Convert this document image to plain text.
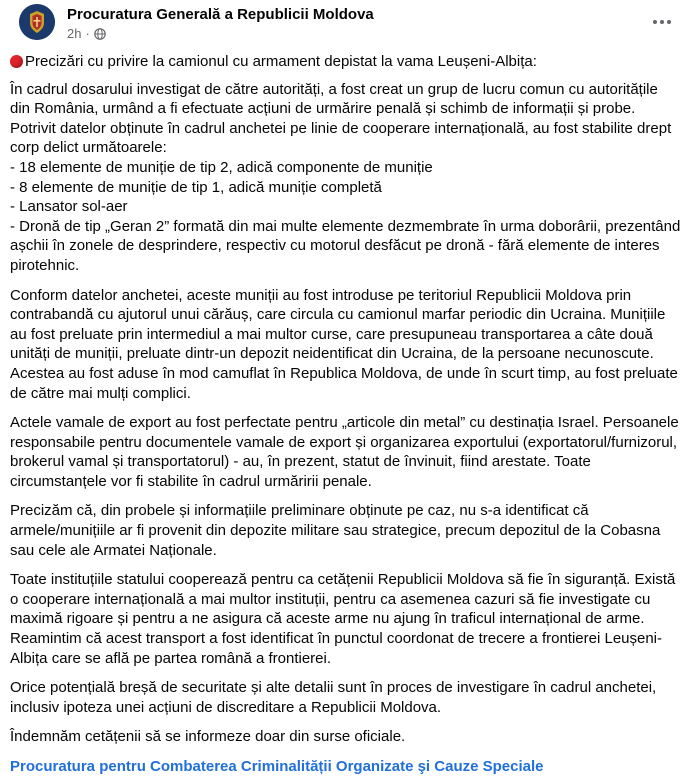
Procuratura Generală a Republicii Moldova
2h ·
Precizări cu privire la camionul cu armament depistat la vama Leușeni-Albița:

În cadrul dosarului investigat de către autorități, a fost creat un grup de lucru comun cu autoritățile din România, urmând a fi efectuate acțiuni de urmărire penală și schimb de informații și probe. Potrivit datelor obținute în cadrul anchetei pe linie de cooperare internațională, au fost stabilite drept corp delict următoarele:

- 18 elemente de muniție de tip 2, adică componente de muniție
- 8 elemente de muniție de tip 1, adică muniție completă
- Lansator sol-aer
- Dronă de tip „Geran 2” formată din mai multe elemente dezmembrate în urma doborârii, prezentând așchii în zonele de desprindere, respectiv cu motorul desfăcut pe dronă - fără elemente de interes pirotehnic.

Conform datelor anchetei, aceste muniții au fost introduse pe teritoriul Republicii Moldova prin contrabandă cu ajutorul unui cărăuș, care circula cu camionul marfar periodic din Ucraina. Munițiile au fost preluate prin intermediul a mai multor curse, care presupuneau transportarea a câte două unități de muniții, preluate dintr-un depozit neidentificat din Ucraina, de la persoane necunoscute. Acestea au fost aduse în mod camuflat în Republica Moldova, de unde în scurt timp, au fost preluate de către mai mulți complici.

Actele vamale de export au fost perfectate pentru „articole din metal” cu destinația Israel. Persoanele responsabile pentru documentele vamale de export și organizarea exportului (exportatorul/furnizorul, brokerul vamal și transportatorul) - au, în prezent, statut de învinuit, fiind arestate. Toate circumstanțele vor fi stabilite în cadrul urmăririi penale.

Precizăm că, din probele și informațiile preliminare obținute pe caz, nu s-a identificat că armele/munițiile ar fi provenit din depozite militare sau strategice, precum depozitul de la Cobasna sau cele ale Armatei Naționale.

Toate instituțiile statului cooperează pentru ca cetățenii Republicii Moldova să fie în siguranță. Există o cooperare internațională a mai multor instituții, pentru ca asemenea cazuri să fie investigate cu maximă rigoare și pentru a ne asigura că aceste arme nu ajung în traficul internațional de arme. Reamintim că acest transport a fost identificat în punctul coordonat de trecere a frontierei Leușeni-Albița care se află pe partea română a frontierei.

Orice potențială breșă de securitate și alte detalii sunt în proces de investigare în cadrul anchetei, inclusiv ipoteza unei acțiuni de discreditare a Republicii Moldova.

Îndemnăm cetățenii să se informeze doar din surse oficiale.

Procuratura pentru Combaterea Criminalității Organizate şi Cauze Speciale
